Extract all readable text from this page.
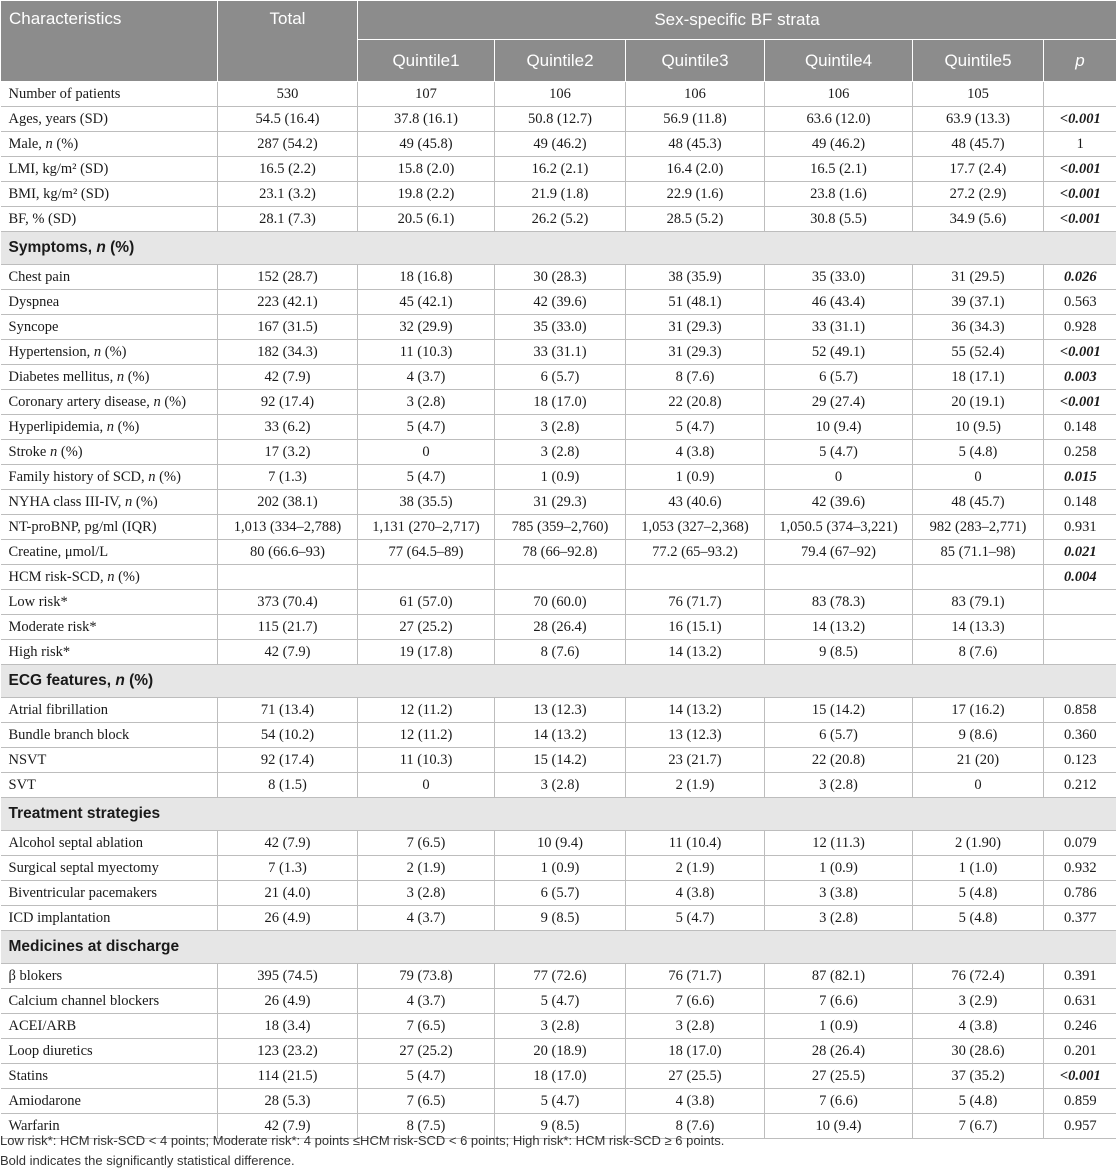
Characteristics	Total	Sex-specific BF strata					
		Quintile1	Quintile2	Quintile3	Quintile4	Quintile5	p
Number of patients	530	107	106	106	106	105	
Ages, years (SD)	54.5 (16.4)	37.8 (16.1)	50.8 (12.7)	56.9 (11.8)	63.6 (12.0)	63.9 (13.3)	<0.001
Male, n (%)	287 (54.2)	49 (45.8)	49 (46.2)	48 (45.3)	49 (46.2)	48 (45.7)	1
LMI, kg/m² (SD)	16.5 (2.2)	15.8 (2.0)	16.2 (2.1)	16.4 (2.0)	16.5 (2.1)	17.7 (2.4)	<0.001
BMI, kg/m² (SD)	23.1 (3.2)	19.8 (2.2)	21.9 (1.8)	22.9 (1.6)	23.8 (1.6)	27.2 (2.9)	<0.001
BF, % (SD)	28.1 (7.3)	20.5 (6.1)	26.2 (5.2)	28.5 (5.2)	30.8 (5.5)	34.9 (5.6)	<0.001
Symptoms, n (%)							
Chest pain	152 (28.7)	18 (16.8)	30 (28.3)	38 (35.9)	35 (33.0)	31 (29.5)	0.026
Dyspnea	223 (42.1)	45 (42.1)	42 (39.6)	51 (48.1)	46 (43.4)	39 (37.1)	0.563
Syncope	167 (31.5)	32 (29.9)	35 (33.0)	31 (29.3)	33 (31.1)	36 (34.3)	0.928
Hypertension, n (%)	182 (34.3)	11 (10.3)	33 (31.1)	31 (29.3)	52 (49.1)	55 (52.4)	<0.001
Diabetes mellitus, n (%)	42 (7.9)	4 (3.7)	6 (5.7)	8 (7.6)	6 (5.7)	18 (17.1)	0.003
Coronary artery disease, n (%)	92 (17.4)	3 (2.8)	18 (17.0)	22 (20.8)	29 (27.4)	20 (19.1)	<0.001
Hyperlipidemia, n (%)	33 (6.2)	5 (4.7)	3 (2.8)	5 (4.7)	10 (9.4)	10 (9.5)	0.148
Stroke n (%)	17 (3.2)	0	3 (2.8)	4 (3.8)	5 (4.7)	5 (4.8)	0.258
Family history of SCD, n (%)	7 (1.3)	5 (4.7)	1 (0.9)	1 (0.9)	0	0	0.015
NYHA class III-IV, n (%)	202 (38.1)	38 (35.5)	31 (29.3)	43 (40.6)	42 (39.6)	48 (45.7)	0.148
NT-proBNP, pg/ml (IQR)	1,013 (334–2,788)	1,131 (270–2,717)	785 (359–2,760)	1,053 (327–2,368)	1,050.5 (374–3,221)	982 (283–2,771)	0.931
Creatine, μmol/L	80 (66.6–93)	77 (64.5–89)	78 (66–92.8)	77.2 (65–93.2)	79.4 (67–92)	85 (71.1–98)	0.021
HCM risk-SCD, n (%)							0.004
Low risk*	373 (70.4)	61 (57.0)	70 (60.0)	76 (71.7)	83 (78.3)	83 (79.1)	
Moderate risk*	115 (21.7)	27 (25.2)	28 (26.4)	16 (15.1)	14 (13.2)	14 (13.3)	
High risk*	42 (7.9)	19 (17.8)	8 (7.6)	14 (13.2)	9 (8.5)	8 (7.6)	
ECG features, n (%)							
Atrial fibrillation	71 (13.4)	12 (11.2)	13 (12.3)	14 (13.2)	15 (14.2)	17 (16.2)	0.858
Bundle branch block	54 (10.2)	12 (11.2)	14 (13.2)	13 (12.3)	6 (5.7)	9 (8.6)	0.360
NSVT	92 (17.4)	11 (10.3)	15 (14.2)	23 (21.7)	22 (20.8)	21 (20)	0.123
SVT	8 (1.5)	0	3 (2.8)	2 (1.9)	3 (2.8)	0	0.212
Treatment strategies							
Alcohol septal ablation	42 (7.9)	7 (6.5)	10 (9.4)	11 (10.4)	12 (11.3)	2 (1.90)	0.079
Surgical septal myectomy	7 (1.3)	2 (1.9)	1 (0.9)	2 (1.9)	1 (0.9)	1 (1.0)	0.932
Biventricular pacemakers	21 (4.0)	3 (2.8)	6 (5.7)	4 (3.8)	3 (3.8)	5 (4.8)	0.786
ICD implantation	26 (4.9)	4 (3.7)	9 (8.5)	5 (4.7)	3 (2.8)	5 (4.8)	0.377
Medicines at discharge							
β blokers	395 (74.5)	79 (73.8)	77 (72.6)	76 (71.7)	87 (82.1)	76 (72.4)	0.391
Calcium channel blockers	26 (4.9)	4 (3.7)	5 (4.7)	7 (6.6)	7 (6.6)	3 (2.9)	0.631
ACEI/ARB	18 (3.4)	7 (6.5)	3 (2.8)	3 (2.8)	1 (0.9)	4 (3.8)	0.246
Loop diuretics	123 (23.2)	27 (25.2)	20 (18.9)	18 (17.0)	28 (26.4)	30 (28.6)	0.201
Statins	114 (21.5)	5 (4.7)	18 (17.0)	27 (25.5)	27 (25.5)	37 (35.2)	<0.001
Amiodarone	28 (5.3)	7 (6.5)	5 (4.7)	4 (3.8)	7 (6.6)	5 (4.8)	0.859
Warfarin	42 (7.9)	8 (7.5)	9 (8.5)	8 (7.6)	10 (9.4)	7 (6.7)	0.957
Low risk*: HCM risk-SCD < 4 points; Moderate risk*: 4 points ≤HCM risk-SCD < 6 points; High risk*: HCM risk-SCD ≥ 6 points.
Bold indicates the significantly statistical difference.
